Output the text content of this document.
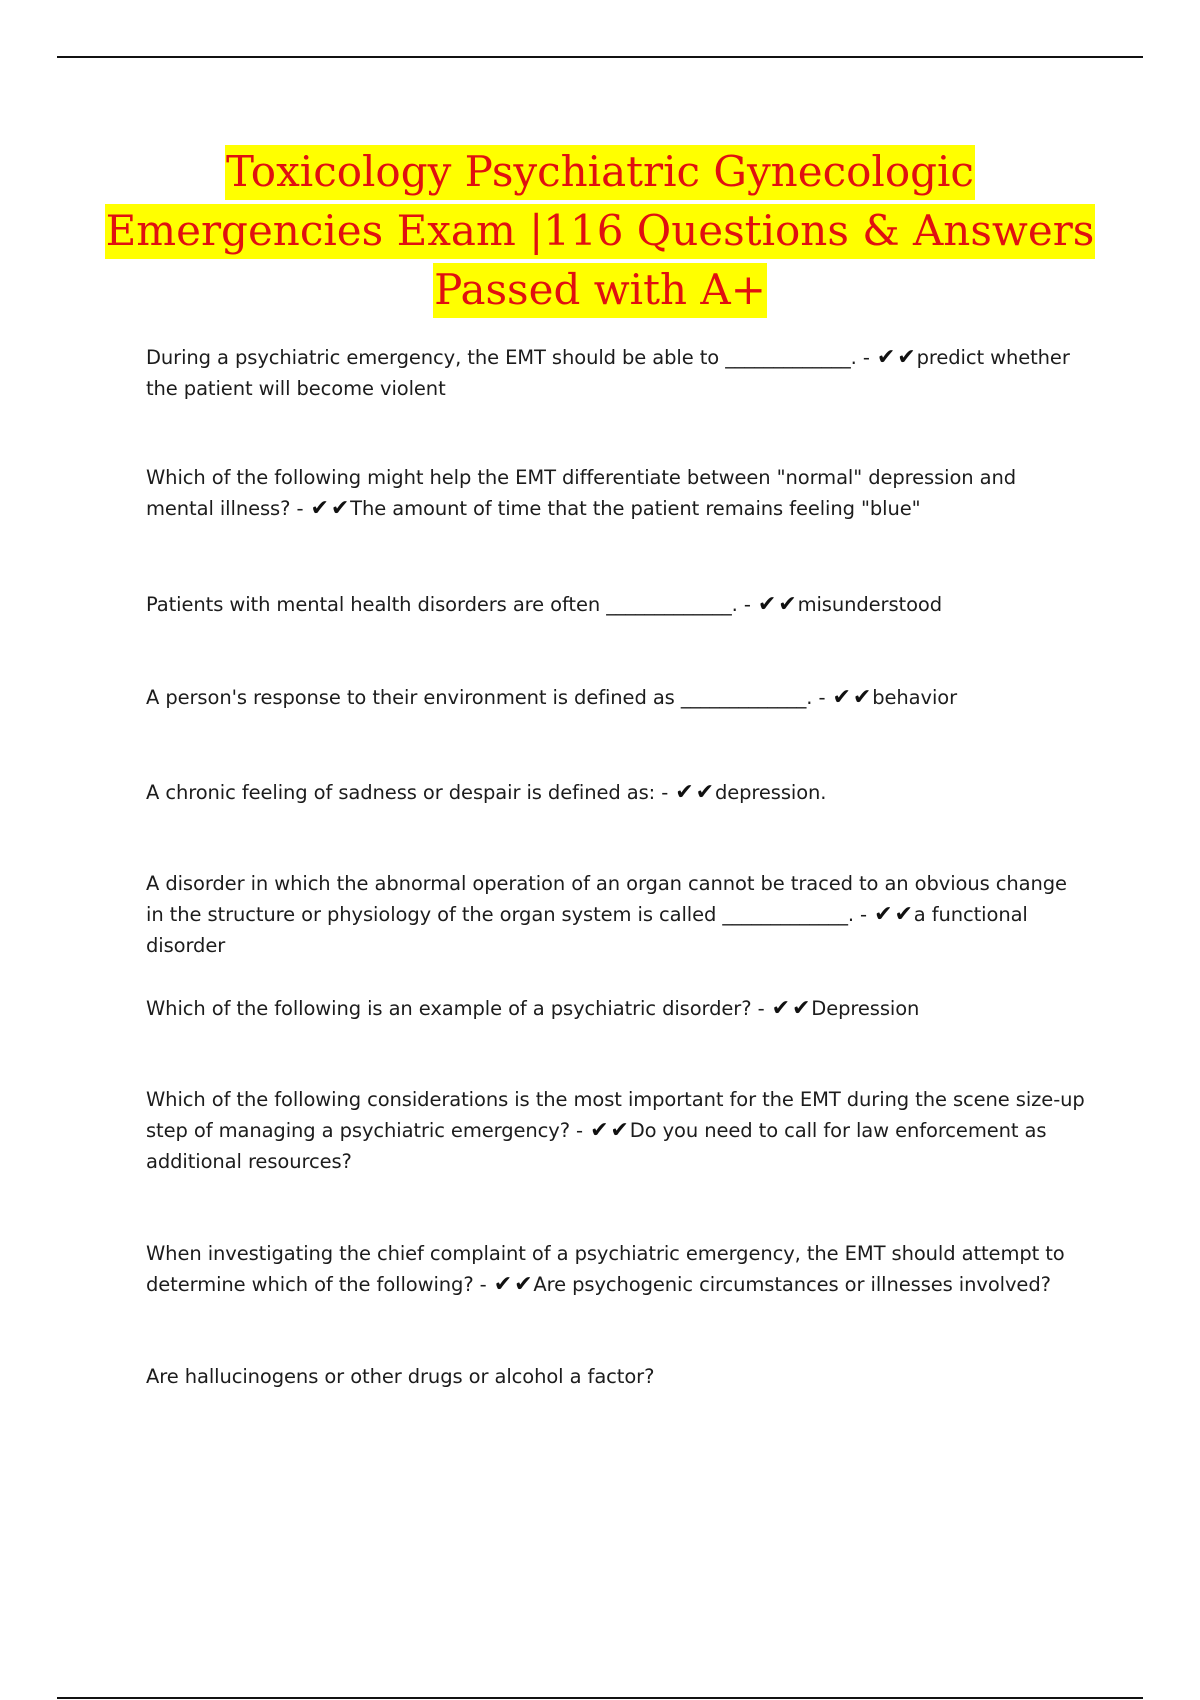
Toxicology Psychiatric Gynecologic
Emergencies Exam |116 Questions & Answers
Passed with A+
During a psychiatric emergency, the EMT should be able to _____________. - ✔✔predict whether the patient will become violent
Which of the following might help the EMT differentiate between "normal" depression and mental illness? - ✔✔The amount of time that the patient remains feeling "blue"
Patients with mental health disorders are often _____________. - ✔✔misunderstood
A person's response to their environment is defined as _____________. - ✔✔behavior
A chronic feeling of sadness or despair is defined as: - ✔✔depression.
A disorder in which the abnormal operation of an organ cannot be traced to an obvious change in the structure or physiology of the organ system is called _____________. - ✔✔a functional disorder
Which of the following is an example of a psychiatric disorder? - ✔✔Depression
Which of the following considerations is the most important for the EMT during the scene size-up step of managing a psychiatric emergency? - ✔✔Do you need to call for law enforcement as additional resources?
When investigating the chief complaint of a psychiatric emergency, the EMT should attempt to determine which of the following? - ✔✔Are psychogenic circumstances or illnesses involved?
Are hallucinogens or other drugs or alcohol a factor?
